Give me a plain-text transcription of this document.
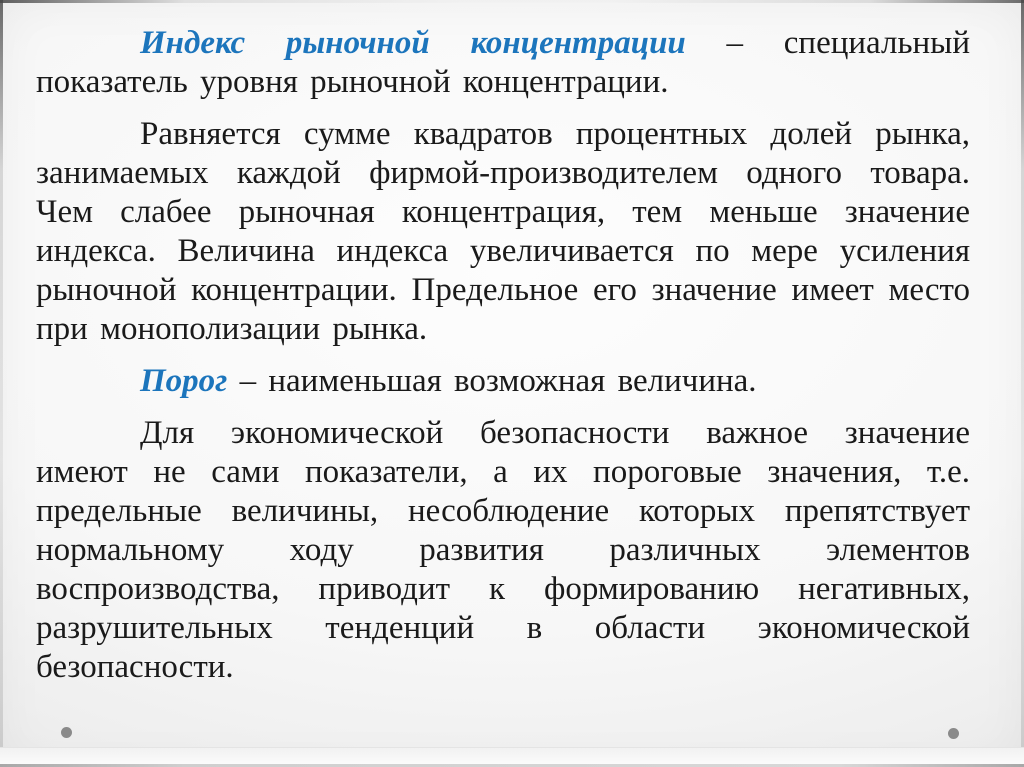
Индекс рыночной концентрации – специальный показатель уровня рыночной концентрации.

Равняется сумме квадратов процентных долей рынка, занимаемых каждой фирмой-производителем одного товара. Чем слабее рыночная концентрация, тем меньше значение индекса. Величина индекса увеличивается по мере усиления рыночной концентрации. Предельное его значение имеет место при монополизации рынка.

Порог – наименьшая возможная величина.

Для экономической безопасности важное значение имеют не сами показатели, а их пороговые значения, т.е. предельные величины, несоблюдение которых препятствует нормальному ходу развития различных элементов воспроизводства, приводит к формированию негативных, разрушительных тенденций в области экономической безопасности.
